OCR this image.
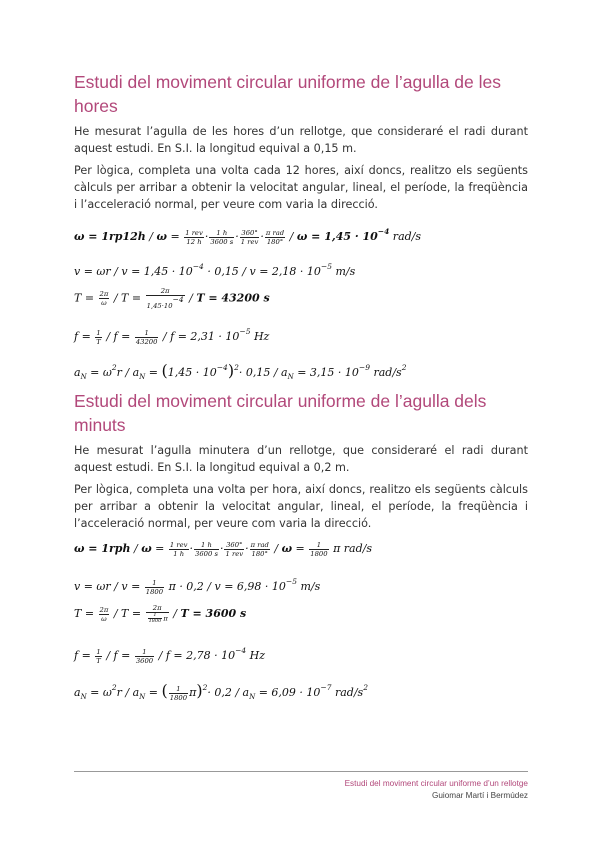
Estudi del moviment circular uniforme de l’agulla de les hores

He mesurat l’agulla de les hores d’un rellotge, que consideraré el radi durant aquest estudi. En S.I. la longitud equival a 0,15 m.

Per lògica, completa una volta cada 12 hores, així doncs, realitzo els següents càlculs per arribar a obtenir la velocitat angular, lineal, el període, la freqüència i l’acceleració normal, per veure com varia la direcció.

$\omega = 1rp12h / \omega = \frac{\text{1 rev}}{12 h} \cdot \frac{1 h}{3600 s} \cdot \frac{360^\circ}{\text{1 rev}} \cdot \frac{\text{π rad}}{180^\circ} / \omega = 1,45 \cdot 10^{-4}$ rad/s
$v = \omega r / v = 1,45 \cdot 10^{-4} \cdot 0,15 / v = 2,18 \cdot 10^{-5}$ m/s
$T = \frac{2\pi}{\omega} / T = \frac{2\pi}{1,45\cdot 10^{-4}} / T = 43200$ s
$f = \frac{1}{T} / f = \frac{1}{43200} / f = 2,31 \cdot 10^{-5}$ Hz
$a_N = \omega^2r / a_N = (1,45 \cdot 10^{-4})^2\cdot 0,15 / a_N = 3,15 \cdot 10^{-9}$ rad/$s^2$
Estudi del moviment circular uniforme de l’agulla dels minuts

He mesurat l’agulla minutera d’un rellotge, que consideraré el radi durant aquest estudi. En S.I. la longitud equival a 0,2 m.

Per lògica, completa una volta per hora, així doncs, realitzo els següents càlculs per arribar a obtenir la velocitat angular, lineal, el període, la freqüència i l’acceleració normal, per veure com varia la direcció.

$\omega = 1rph / \omega = \frac{\text{1 rev}}{1 h} \cdot \frac{1 h}{3600 s} \cdot \frac{360^\circ}{\text{1 rev}} \cdot \frac{\text{π rad}}{180^\circ} / \omega = \frac{1}{1800}$ π rad/s
$v = \omega r / v = \frac{1}{1800}$ $\pi \cdot 0,2 / v = 6,98 \cdot 10^{-5}$ m/s
$T = \frac{2\pi}{\omega} / T = \frac{2\pi}{\frac{1}{1800} \pi} / T = 3600$ s
$f = \frac{1}{T} / f = \frac{1}{3600} / f = 2,78 \cdot 10^{-4}$ Hz
$a_N = \omega^2r / a_N$ = ( $\frac{1}{1800} \pi)^2\cdot 0,2 / a_N = 6,09 \cdot 10^{-7}$ rad/$s^2$
Estudi del moviment circular uniforme d’un rellotge
Guiomar Martí i Bermúdez
